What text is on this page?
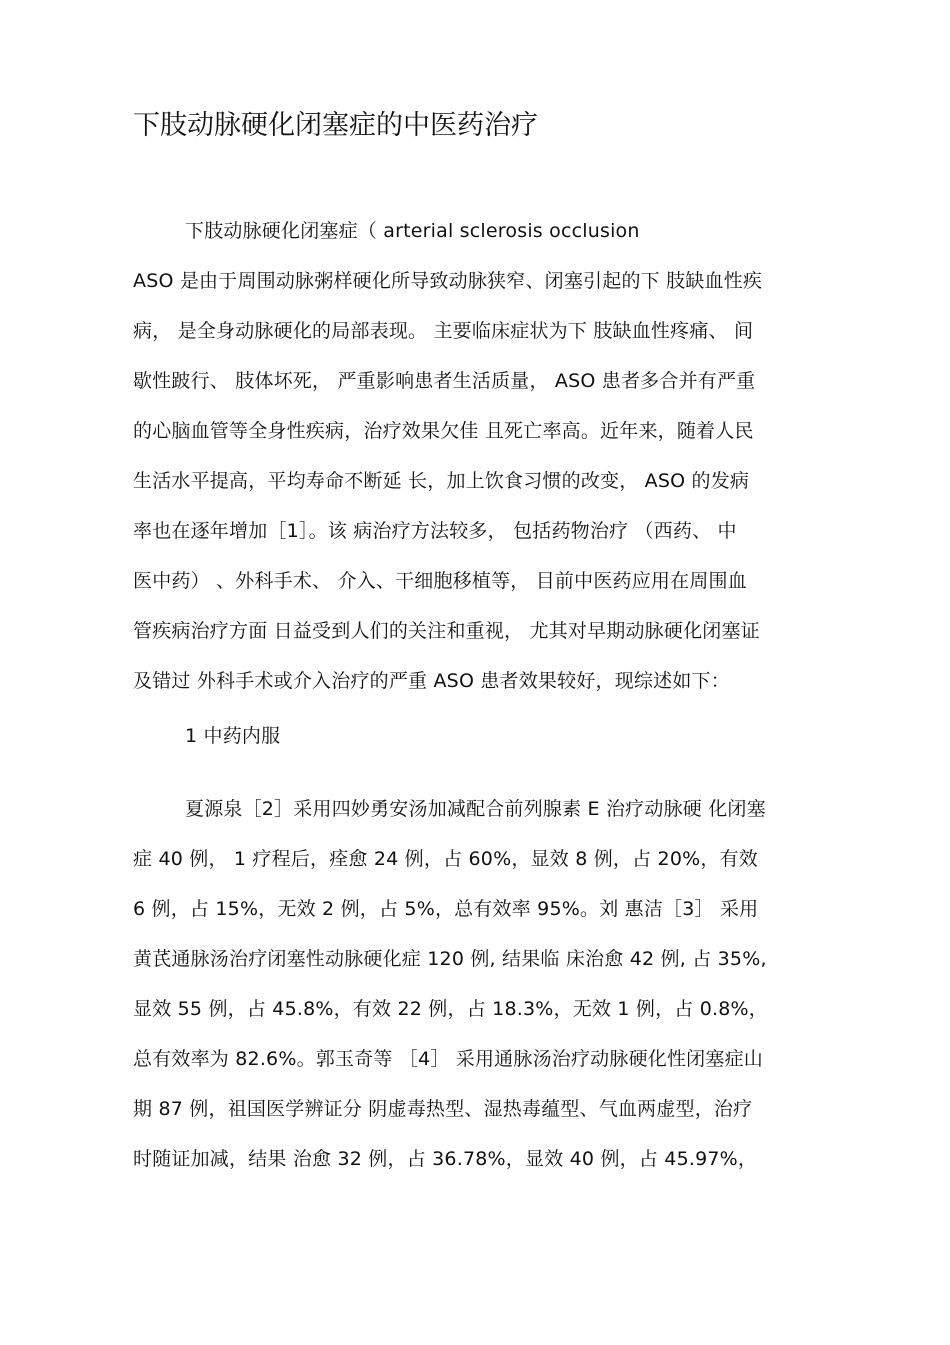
下肢动脉硬化闭塞症的中医药治疗
下肢动脉硬化闭塞症（ arterial sclerosis occlusion
ASO 是由于周围动脉粥样硬化所导致动脉狭窄、闭塞引起的下 肢缺血性疾
病， 是全身动脉硬化的局部表现。 主要临床症状为下 肢缺血性疼痛、 间
歇性跛行、 肢体坏死， 严重影响患者生活质量， ASO 患者多合并有严重
的心脑血管等全身性疾病，治疗效果欠佳 且死亡率高。近年来，随着人民
生活水平提高，平均寿命不断延 长，加上饮食习惯的改变， ASO 的发病
率也在逐年增加［1］。该 病治疗方法较多， 包括药物治疗 （西药、 中
医中药） 、外科手术、 介入、干细胞移植等， 目前中医药应用在周围血
管疾病治疗方面 日益受到人们的关注和重视， 尤其对早期动脉硬化闭塞证
及错过 外科手术或介入治疗的严重 ASO 患者效果较好，现综述如下：
1 中药内服
夏源泉［2］采用四妙勇安汤加减配合前列腺素 E 治疗动脉硬 化闭塞
症 40 例， 1 疗程后，痊愈 24 例，占 60%，显效 8 例，占 20%，有效
6 例，占 15%，无效 2 例，占 5%，总有效率 95%。刘 惠洁［3］ 采用
黄芪通脉汤治疗闭塞性动脉硬化症 120 例, 结果临 床治愈 42 例, 占 35%,
显效 55 例，占 45.8%，有效 22 例，占 18.3%，无效 1 例，占 0.8%，
总有效率为 82.6%。郭玉奇等 ［4］ 采用通脉汤治疗动脉硬化性闭塞症山
期 87 例，祖国医学辨证分 阴虚毒热型、湿热毒蕴型、气血两虚型，治疗
时随证加减，结果 治愈 32 例，占 36.78%，显效 40 例，占 45.97%，
